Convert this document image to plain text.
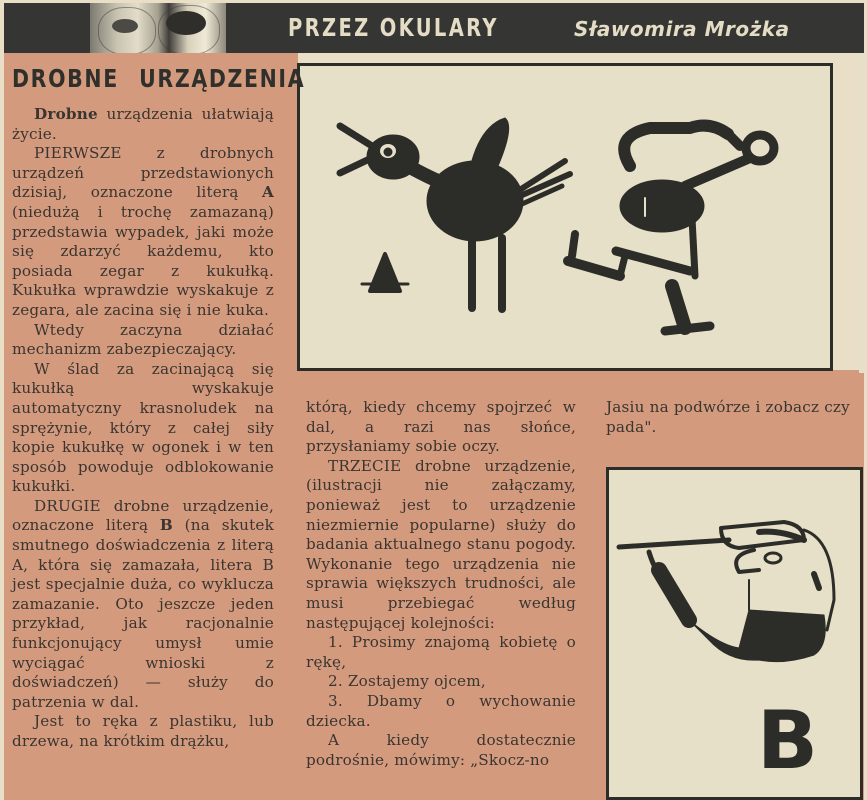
PRZEZ OKULARY	Sławomira Mrożka
B
DROBNE URZĄDZENIA

Drobne urządzenia ułatwiają życie.

PIERWSZE z drobnych urządzeń przedstawionych dzisiaj, oznaczone literą A (niedużą i trochę zamazaną) przedstawia wypadek, jaki może się zdarzyć każdemu, kto posiada zegar z kukułką. Kukułka wprawdzie wyskakuje z zegara, ale zacina się i nie kuka.

Wtedy zaczyna działać mechanizm zabezpieczający.

W ślad za zacinającą się kukułką wyskakuje automatyczny krasnoludek na sprężynie, który z całej siły kopie kukułkę w ogonek i w ten sposób powoduje odblokowanie kukułki.

DRUGIE drobne urządzenie, oznaczone literą B (na skutek smutnego doświadczenia z literą A, która się zamazała, litera B jest specjalnie duża, co wyklucza zamazanie. Oto jeszcze jeden przykład, jak racjonalnie funkcjonujący umysł umie wyciągać wnioski z doświadczeń) — służy do patrzenia w dal.

Jest to ręka z plastiku, lub drzewa, na krótkim drążku,

którą, kiedy chcemy spojrzeć w dal, a razi nas słońce, przysłaniamy sobie oczy.

TRZECIE drobne urządzenie, (ilustracji nie załączamy, ponieważ jest to urządzenie niezmiernie popularne) służy do badania aktualnego stanu pogody. Wykonanie tego urządzenia nie sprawia większych trudności, ale musi przebiegać według następującej kolejności:

1. Prosimy znajomą kobietę o rękę,

2. Zostajemy ojcem,

3. Dbamy o wychowanie dziecka.

A kiedy dostatecznie podrośnie, mówimy: „Skocz-no

Jasiu na podwórze i zobacz czy pada".
